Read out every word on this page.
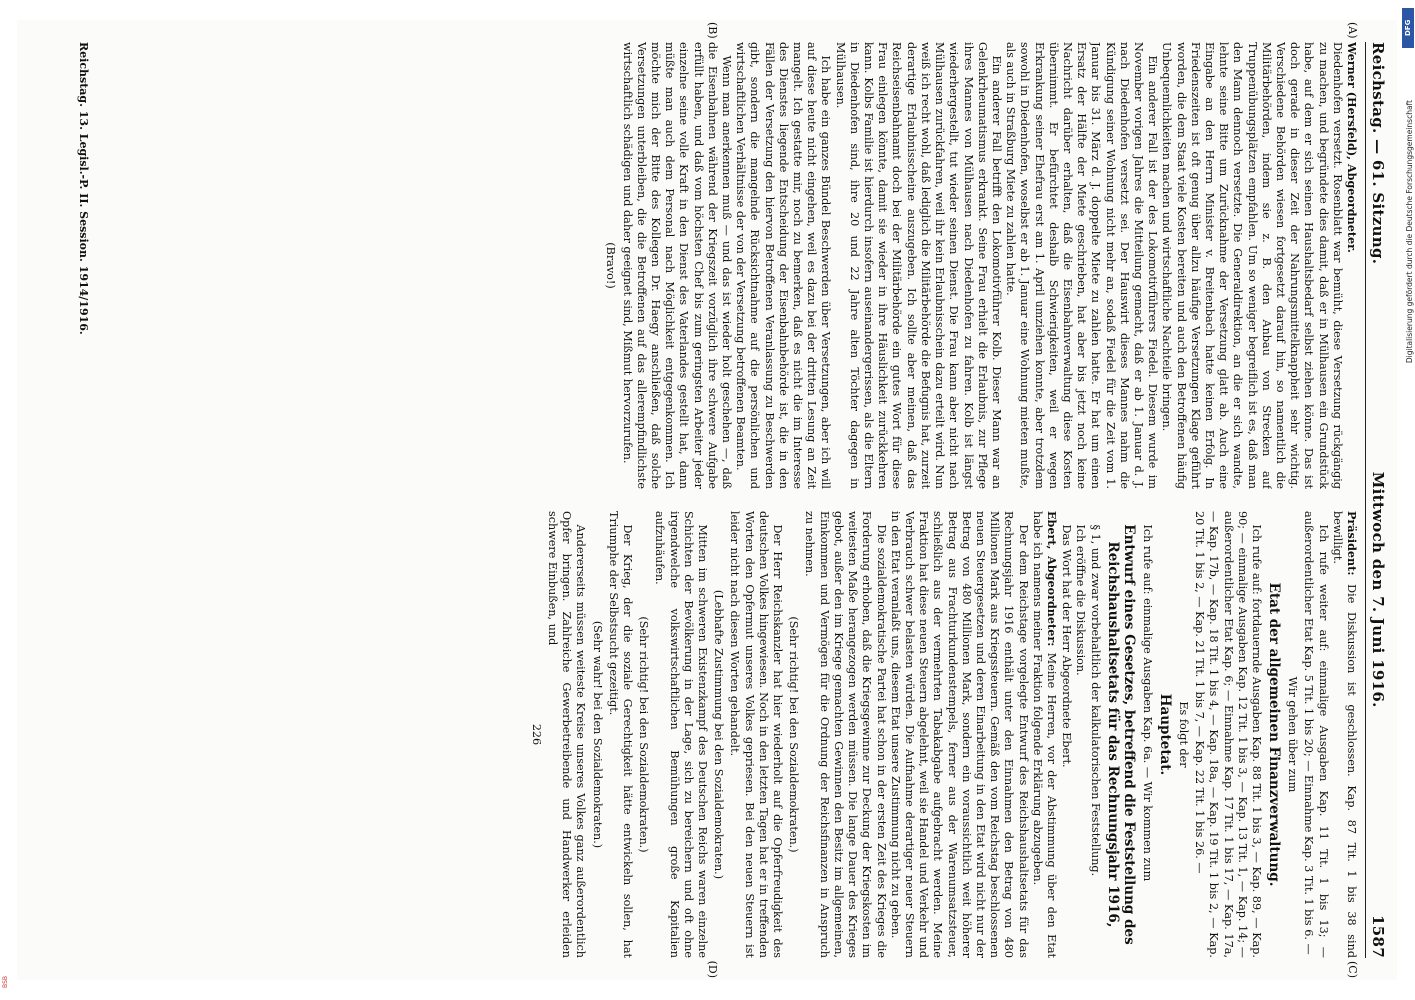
Reichstag. — 61. Sitzung.
Mittwoch den 7. Juni 1916.
1587
(A)
(B)
(C)
(D)

Werner (Hersfeld), Abgeordneter.

Diedenhofen versetzt. Rosenblatt war bemüht, diese Versetzung rückgängig zu machen, und begründete dies damit, daß er in Mülhausen ein Grundstück habe, auf dem er sich seinen Haushaltsbedarf selbst ziehen könne. Das ist doch gerade in dieser Zeit der Nahrungsmittelknappheit sehr wichtig. Verschiedene Behörden wiesen fortgesetzt darauf hin, so namentlich die Militärbehörden, indem sie z. B. den Anbau von Strecken auf Truppenübungsplätzen empfahlen. Um so weniger begreiflich ist es, daß man den Mann dennoch versetzte. Die Generaldirektion, an die er sich wandte, lehnte seine Bitte um Zurücknahme der Versetzung glatt ab. Auch eine Eingabe an den Herrn Minister v. Breitenbach hatte keinen Erfolg. In Friedenszeiten ist oft genug über allzu häufige Versetzungen Klage geführt worden, die dem Staat viele Kosten bereiten und auch den Betroffenen häufig Unbequemlichkeiten machen und wirtschaftliche Nachteile bringen.

Ein anderer Fall ist der des Lokomotivführers Fiedel. Diesem wurde im November vorigen Jahres die Mitteilung gemacht, daß er ab 1. Januar d. J. nach Diedenhofen versetzt sei. Der Hauswirt dieses Mannes nahm die Kündigung seiner Wohnung nicht mehr an, sodaß Fiedel für die Zeit vom 1. Januar bis 31. März d. J. doppelte Miete zu zahlen hatte. Er hat um einen Ersatz der Hälfte der Miete geschrieben, hat aber bis jetzt noch keine Nachricht darüber erhalten, daß die Eisenbahnverwaltung diese Kosten übernimmt. Er befürchtet deshalb Schwierigkeiten, weil er wegen Erkrankung seiner Ehefrau erst am 1. April umziehen konnte, aber trotzdem sowohl in Diedenhofen, woselbst er ab 1. Januar eine Wohnung mieten mußte, als auch in Straßburg Miete zu zahlen hatte.

Ein anderer Fall betrifft den Lokomotivführer Kolb. Dieser Mann war an Gelenkrheumatismus erkrankt. Seine Frau erhielt die Erlaubnis, zur Pflege ihres Mannes von Mülhausen nach Diedenhofen zu fahren. Kolb ist längst wiederhergestellt, tut wieder seinen Dienst. Die Frau kann aber nicht nach Mülhausen zurückfahren, weil ihr kein Erlaubnisschein dazu erteilt wird. Nun weiß ich recht wohl, daß lediglich die Militärbehörde die Befugnis hat, zurzeit derartige Erlaubnisscheine auszugeben. Ich sollte aber meinen, daß das Reichseisenbahnamt doch bei der Militärbehörde ein gutes Wort für diese Frau einlegen könnte, damit sie wieder in ihre Häuslichkeit zurückkehren kann. Kolbs Familie ist hierdurch insofern auseinandergerissen, als die Eltern in Diedenhofen sind, ihre 20 und 22 Jahre alten Töchter dagegen in Mülhausen.

Ich habe ein ganzes Bündel Beschwerden über Versetzungen, aber ich will auf diese heute nicht eingehen, weil es dazu bei der dritten Lesung an Zeit mangelt. Ich gestatte mir, noch zu bemerken, daß es nicht die im Interesse des Dienstes liegende Entscheidung der Eisenbahnbehörde ist, die in den Fällen der Versetzung den hiervon Betroffenen Veranlassung zu Beschwerden gibt, sondern die mangelnde Rücksichtnahme auf die persönlichen und wirtschaftlichen Verhältnisse der von der Versetzung betroffenen Beamten.

Wenn man anerkennen muß — und das ist wieder holt geschehen —, daß die Eisenbahnen während der Kriegszeit vorzüglich ihre schwere Aufgabe erfüllt haben, und daß vom höchsten Chef bis zum geringsten Arbeiter jeder einzelne seine volle Kraft in den Dienst des Vaterlandes gestellt hat, dann müßte man auch dem Personal nach Möglichkeit entgegenkommen. Ich möchte mich der Bitte des Kollegen Dr. Haegy anschließen, daß solche Versetzungen unterbleiben, die die Betroffenen auf das allerempfindlichste wirtschaftlich schädigen und daher geeignet sind, Mißmut hervorzurufen.

(Bravo!)

Präsident: Die Diskussion ist geschlossen. Kap. 87 Tit. 1 bis 38 sind bewilligt.

Ich rufe weiter auf: einmalige Ausgaben Kap. 11 Tit. 1 bis 13; — außerordentlicher Etat Kap. 5 Tit. 1 bis 20; — Einnahme Kap. 3 Tit. 1 bis 6. —

Wir gehen über zum

Etat der allgemeinen Finanzverwaltung.

Ich rufe auf: fortdauernde Ausgaben Kap. 88 Tit. 1 bis 3, — Kap. 89, — Kap. 90; — einmalige Ausgaben Kap. 12 Tit. 1 bis 3, — Kap. 13 Tit. 1, — Kap. 14; — außerordentlicher Etat Kap. 6; — Einnahme Kap. 17 Tit. 1 bis 17, — Kap. 17a, — Kap. 17b, — Kap. 18 Tit. 1 bis 4, — Kap. 18a, — Kap. 19 Tit. 1 bis 2, — Kap. 20 Tit. 1 bis 2, — Kap. 21 Tit. 1 bis 7, — Kap. 22 Tit. 1 bis 26. —

Es folgt der

Hauptetat.

Ich rufe auf: einmalige Ausgaben Kap. 6a. — Wir kommen zum

Entwurf eines Gesetzes, betreffend die Feststellung des Reichshaushaltsetats für das Rechnungsjahr 1916,

§ 1, und zwar vorbehaltlich der kalkulatorischen Feststellung.

Ich eröffne die Diskussion.

Das Wort hat der Herr Abgeordnete Ebert.

Ebert, Abgeordneter: Meine Herren, vor der Abstimmung über den Etat habe ich namens meiner Fraktion folgende Erklärung abzugeben.

Der dem Reichstage vorgelegte Entwurf des Reichshaushaltsetats für das Rechnungsjahr 1916 enthält unter den Einnahmen den Betrag von 480 Millionen Mark aus Kriegssteuern. Gemäß den vom Reichstag beschlossenen neuen Steuergesetzen und deren Einarbeitung in den Etat wird nicht nur der Betrag von 480 Millionen Mark, sondern ein voraussichtlich weit höherer Betrag aus Frachturkundenstempels, ferner aus der Warenumsatzsteuer, schließlich aus der vermehrten Tabakabgabe aufgebracht werden. Meine Fraktion hat diese neuen Steuern abgelehnt, weil sie Handel und Verkehr und Verbrauch schwer belasten würden. Die Aufnahme derartiger neuer Steuern in den Etat veranlaßt uns, diesem Etat unsere Zustimmung nicht zu geben.

Die sozialdemokratische Partei hat schon in der ersten Zeit des Krieges die Forderung erhoben, daß die Kriegsgewinne zur Deckung der Kriegskosten im weitesten Maße herangezogen werden müssen. Die lange Dauer des Krieges gebot, außer den im Kriege gemachten Gewinnen den Besitz im allgemeinen, Einkommen und Vermögen für die Ordnung der Reichsfinanzen in Anspruch zu nehmen.

(Sehr richtig! bei den Sozialdemokraten.)

Der Herr Reichskanzler hat hier wiederholt auf die Opferfreudigkeit des deutschen Volkes hingewiesen. Noch in den letzten Tagen hat er in treffenden Worten den Opfermut unseres Volkes gepriesen. Bei den neuen Steuern ist leider nicht nach diesen Worten gehandelt.

(Lebhafte Zustimmung bei den Sozialdemokraten.)

Mitten im schweren Existenzkampf des Deutschen Reichs waren einzelne Schichten der Bevölkerung in der Lage, sich zu bereichern und oft ohne irgendwelche volkswirtschaftlichen Bemühungen große Kapitalien aufzuhäufen.

(Sehr richtig! bei den Sozialdemokraten.)

Der Krieg, der die soziale Gerechtigkeit hätte entwickeln sollen, hat Triumphe der Selbstsucht gezeitigt.

(Sehr wahr! bei den Sozialdemokraten.)

Andererseits müssen weiteste Kreise unseres Volkes ganz außerordentlich Opfer bringen. Zahlreiche Gewerbetreibende und Handwerker erleiden schwere Einbußen, und

226

Reichstag. 13. Legisl.-P. II. Session. 1914/1916.
DFG
Digitalisierung gefördert durch die Deutsche Forschungsgemeinschaft
BSB
